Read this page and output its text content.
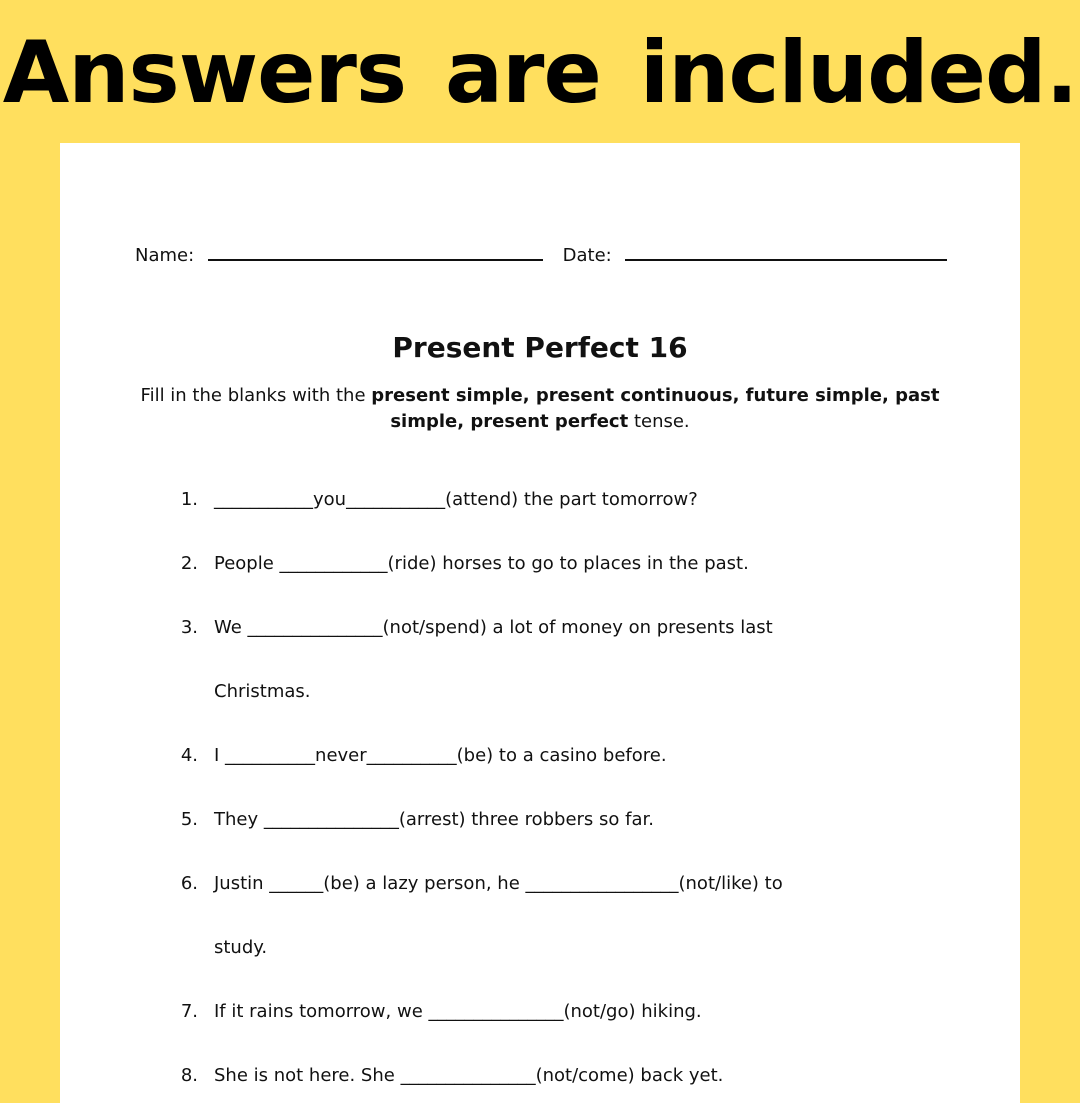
Answers are included.
Name:	Date:
Present Perfect 16
Fill in the blanks with the present simple, present continuous, future simple, past simple, present perfect tense.
1. ___________you___________(attend) the part tomorrow?
2. People ____________(ride) horses to go to places in the past.
3. We _______________(not/spend) a lot of money on presents last
Christmas.
4. I __________never__________(be) to a casino before.
5. They _______________(arrest) three robbers so far.
6. Justin ______(be) a lazy person, he _________________(not/like) to
study.
7. If it rains tomorrow, we _______________(not/go) hiking.
8. She is not here. She _______________(not/come) back yet.
